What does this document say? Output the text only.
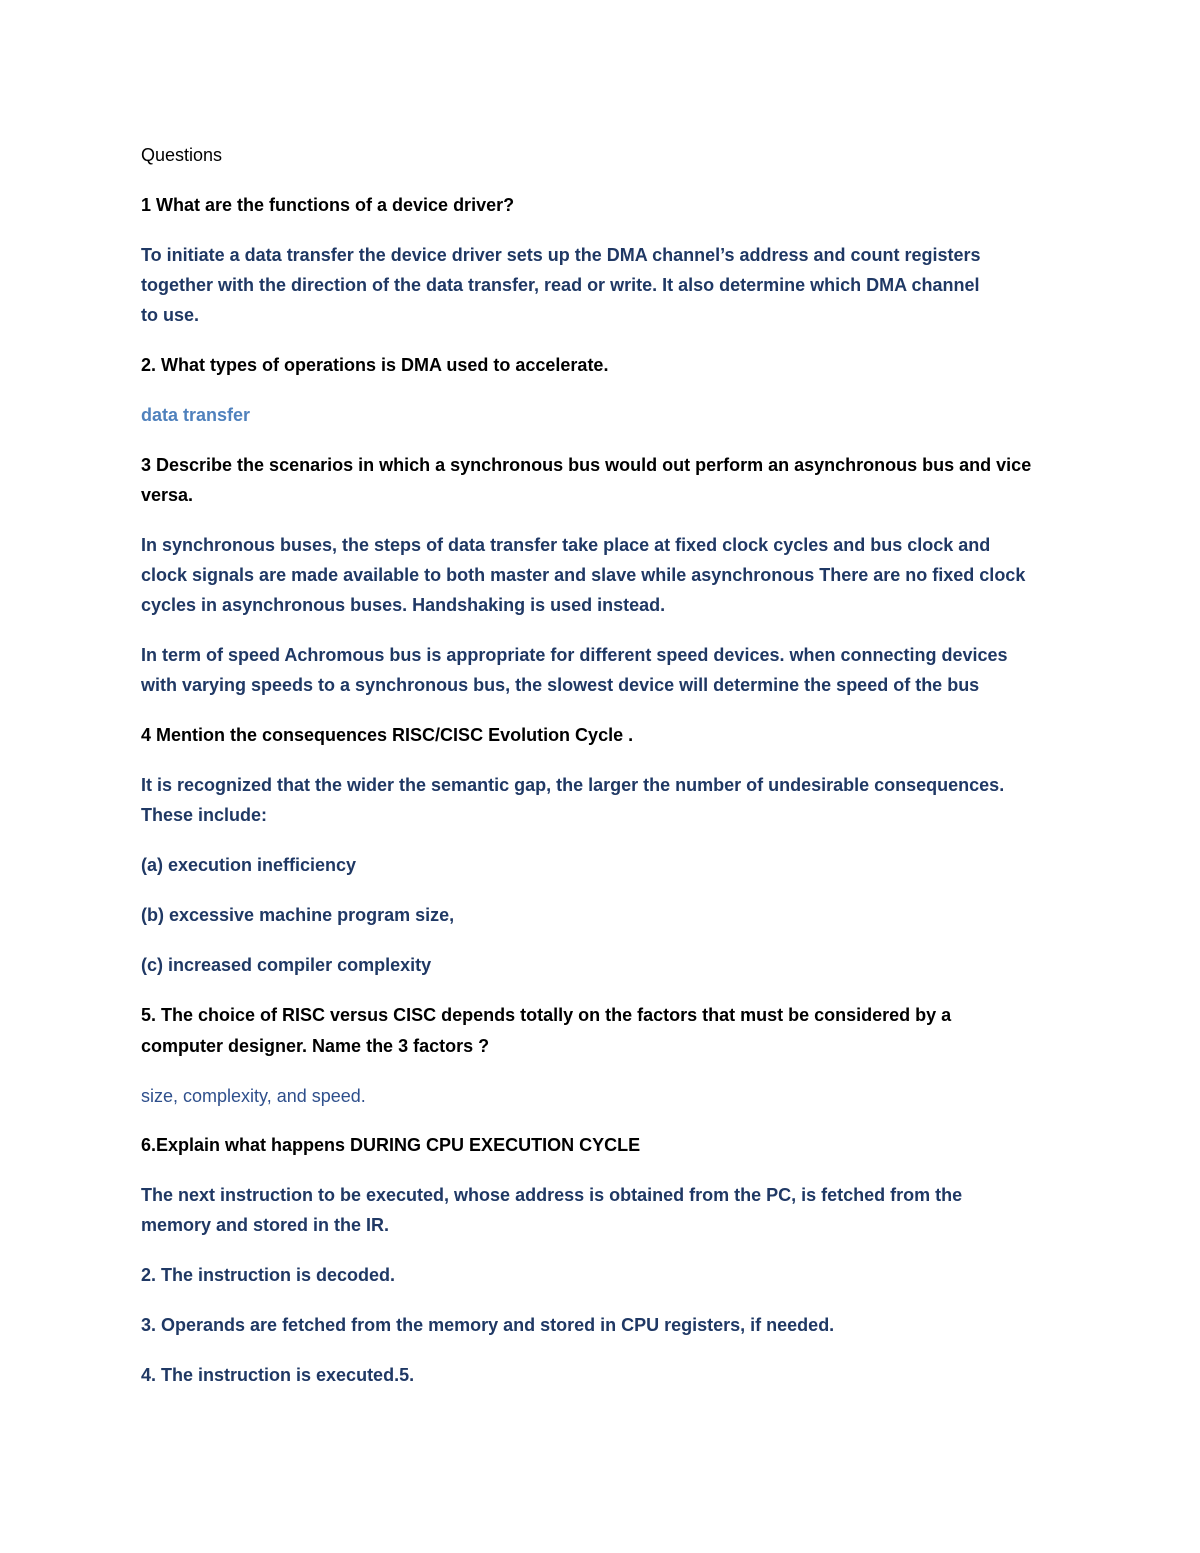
Questions
1 What are the functions of a device driver?
To initiate a data transfer the device driver sets up the DMA channel’s address and count registers
together with the direction of the data transfer, read or write. It also determine which DMA channel
to use.
2. What types of operations is DMA used to accelerate.
data transfer
3 Describe the scenarios in which a synchronous bus would out perform an asynchronous bus and vice
versa.
In synchronous buses, the steps of data transfer take place at fixed clock cycles and bus clock and
clock signals are made available to both master and slave while asynchronous There are no fixed clock
cycles in asynchronous buses. Handshaking is used instead.
In term of speed Achromous bus is appropriate for different speed devices. when connecting devices
with varying speeds to a synchronous bus, the slowest device will determine the speed of the bus
4 Mention the consequences RISC/CISC Evolution Cycle .
It is recognized that the wider the semantic gap, the larger the number of undesirable consequences.
These include:
(a) execution inefficiency
(b) excessive machine program size,
(c) increased compiler complexity
5. The choice of RISC versus CISC depends totally on the factors that must be considered by a
computer designer. Name the 3 factors ?
size, complexity, and speed.
6.Explain what happens DURING CPU EXECUTION CYCLE
The next instruction to be executed, whose address is obtained from the PC, is fetched from the
memory and stored in the IR.
2. The instruction is decoded.
3. Operands are fetched from the memory and stored in CPU registers, if needed.
4. The instruction is executed.5.
